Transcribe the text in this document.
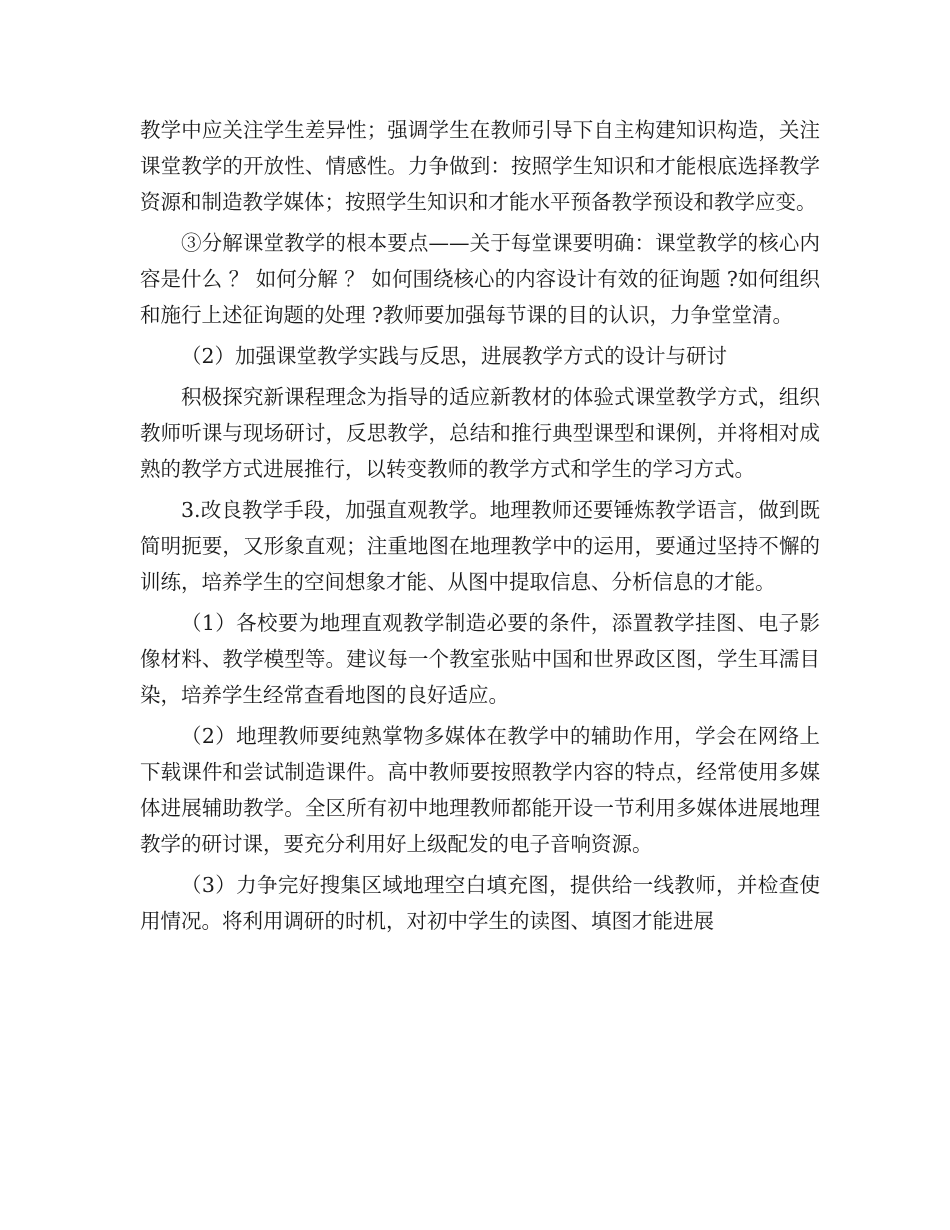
教学中应关注学生差异性；强调学生在教师引导下自主构建知识构造，关注课堂教学的开放性、情感性。力争做到：按照学生知识和才能根底选择教学资源和制造教学媒体；按照学生知识和才能水平预备教学预设和教学应变。

③分解课堂教学的根本要点——关于每堂课要明确：课堂教学的核心内容是什么 ？ 如何分解 ？ 如何围绕核心的内容设计有效的征询题 ?如何组织和施行上述征询题的处理 ?教师要加强每节课的目的认识，力争堂堂清。

（2）加强课堂教学实践与反思，进展教学方式的设计与研讨

积极探究新课程理念为指导的适应新教材的体验式课堂教学方式，组织教师听课与现场研讨，反思教学，总结和推行典型课型和课例，并将相对成熟的教学方式进展推行，以转变教师的教学方式和学生的学习方式。

3.改良教学手段，加强直观教学。地理教师还要锤炼教学语言，做到既简明扼要，又形象直观；注重地图在地理教学中的运用，要通过坚持不懈的训练，培养学生的空间想象才能、从图中提取信息、分析信息的才能。

（1）各校要为地理直观教学制造必要的条件，添置教学挂图、电子影像材料、教学模型等。建议每一个教室张贴中国和世界政区图，学生耳濡目染，培养学生经常查看地图的良好适应。

（2）地理教师要纯熟掌物多媒体在教学中的辅助作用，学会在网络上下载课件和尝试制造课件。高中教师要按照教学内容的特点，经常使用多媒体进展辅助教学。全区所有初中地理教师都能开设一节利用多媒体进展地理教学的研讨课，要充分利用好上级配发的电子音响资源。

（3）力争完好搜集区域地理空白填充图，提供给一线教师，并检查使用情况。将利用调研的时机，对初中学生的读图、填图才能进展
